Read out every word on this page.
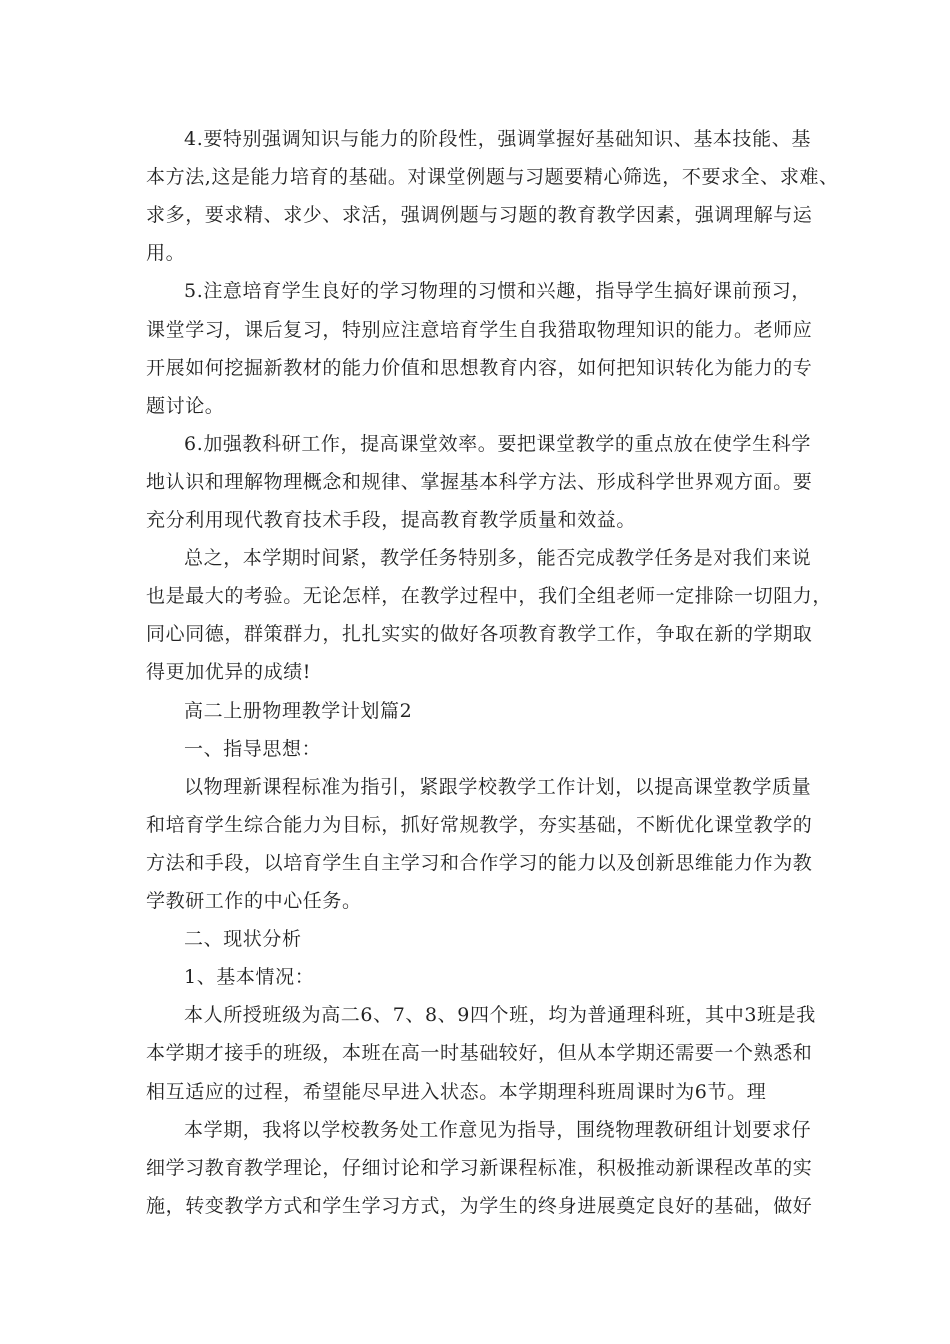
4.要特别强调知识与能力的阶段性，强调掌握好基础知识、基本技能、基

本方法,这是能力培育的基础。对课堂例题与习题要精心筛选，不要求全、求难、

求多，要求精、求少、求活，强调例题与习题的教育教学因素，强调理解与运

用。

5.注意培育学生良好的学习物理的习惯和兴趣，指导学生搞好课前预习，

课堂学习，课后复习，特别应注意培育学生自我猎取物理知识的能力。老师应

开展如何挖掘新教材的能力价值和思想教育内容，如何把知识转化为能力的专

题讨论。

6.加强教科研工作，提高课堂效率。要把课堂教学的重点放在使学生科学

地认识和理解物理概念和规律、掌握基本科学方法、形成科学世界观方面。要

充分利用现代教育技术手段，提高教育教学质量和效益。

总之，本学期时间紧，教学任务特别多，能否完成教学任务是对我们来说

也是最大的考验。无论怎样，在教学过程中，我们全组老师一定排除一切阻力，

同心同德，群策群力，扎扎实实的做好各项教育教学工作，争取在新的学期取

得更加优异的成绩!

高二上册物理教学计划篇2

一、指导思想：

以物理新课程标准为指引，紧跟学校教学工作计划，以提高课堂教学质量

和培育学生综合能力为目标，抓好常规教学，夯实基础，不断优化课堂教学的

方法和手段，以培育学生自主学习和合作学习的能力以及创新思维能力作为教

学教研工作的中心任务。

二、现状分析

1、基本情况：

本人所授班级为高二6、7、8、9四个班，均为普通理科班，其中3班是我

本学期才接手的班级，本班在高一时基础较好，但从本学期还需要一个熟悉和

相互适应的过程，希望能尽早进入状态。本学期理科班周课时为6节。理

本学期，我将以学校教务处工作意见为指导，围绕物理教研组计划要求仔

细学习教育教学理论，仔细讨论和学习新课程标准，积极推动新课程改革的实

施，转变教学方式和学生学习方式，为学生的终身进展奠定良好的基础，做好
